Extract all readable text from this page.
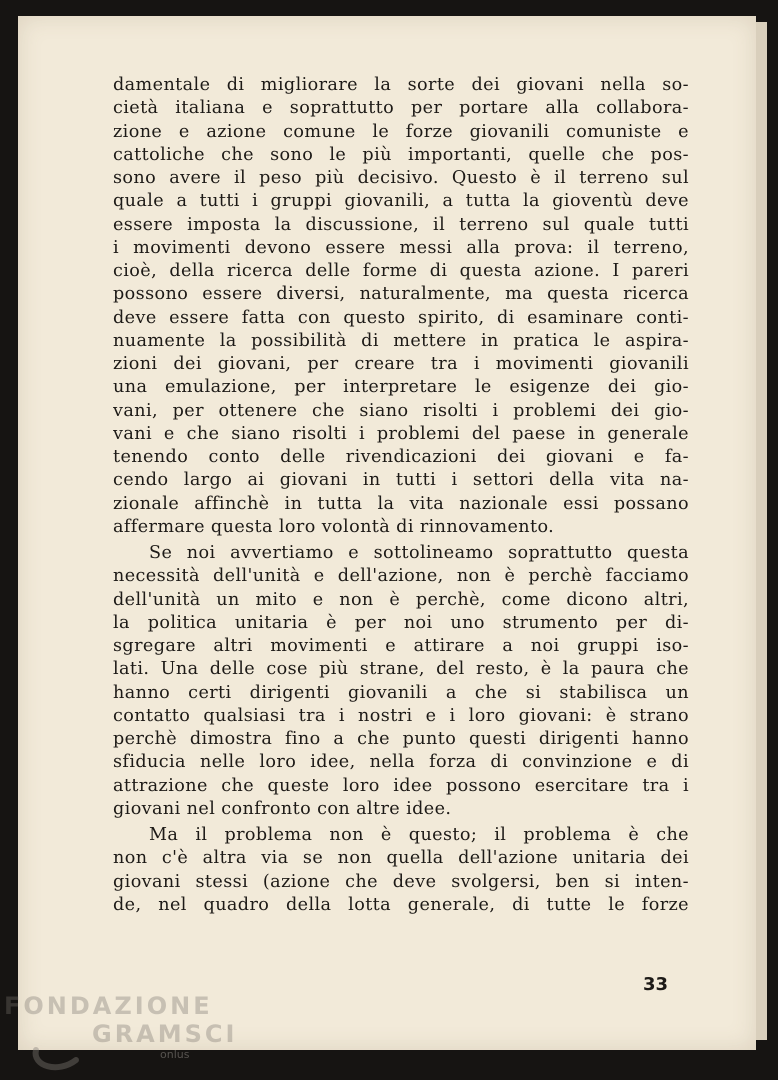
damentale di migliorare la sorte dei giovani nella so-
cietà italiana e soprattutto per portare alla collabora-
zione e azione comune le forze giovanili comuniste e
cattoliche che sono le più importanti, quelle che pos-
sono avere il peso più decisivo. Questo è il terreno sul
quale a tutti i gruppi giovanili, a tutta la gioventù deve
essere imposta la discussione, il terreno sul quale tutti
i movimenti devono essere messi alla prova: il terreno,
cioè, della ricerca delle forme di questa azione. I pareri
possono essere diversi, naturalmente, ma questa ricerca
deve essere fatta con questo spirito, di esaminare conti-
nuamente la possibilità di mettere in pratica le aspira-
zioni dei giovani, per creare tra i movimenti giovanili
una emulazione, per interpretare le esigenze dei gio-
vani, per ottenere che siano risolti i problemi dei gio-
vani e che siano risolti i problemi del paese in generale
tenendo conto delle rivendicazioni dei giovani e fa-
cendo largo ai giovani in tutti i settori della vita na-
zionale affinchè in tutta la vita nazionale essi possano
affermare questa loro volontà di rinnovamento.
Se noi avvertiamo e sottolineamo soprattutto questa
necessità dell'unità e dell'azione, non è perchè facciamo
dell'unità un mito e non è perchè, come dicono altri,
la politica unitaria è per noi uno strumento per di-
sgregare altri movimenti e attirare a noi gruppi iso-
lati. Una delle cose più strane, del resto, è la paura che
hanno certi dirigenti giovanili a che si stabilisca un
contatto qualsiasi tra i nostri e i loro giovani: è strano
perchè dimostra fino a che punto questi dirigenti hanno
sfiducia nelle loro idee, nella forza di convinzione e di
attrazione che queste loro idee possono esercitare tra i
giovani nel confronto con altre idee.
Ma il problema non è questo; il problema è che
non c'è altra via se non quella dell'azione unitaria dei
giovani stessi (azione che deve svolgersi, ben si inten-
de, nel quadro della lotta generale, di tutte le forze
33
FONDAZIONE
GRAMSCI
onlus
